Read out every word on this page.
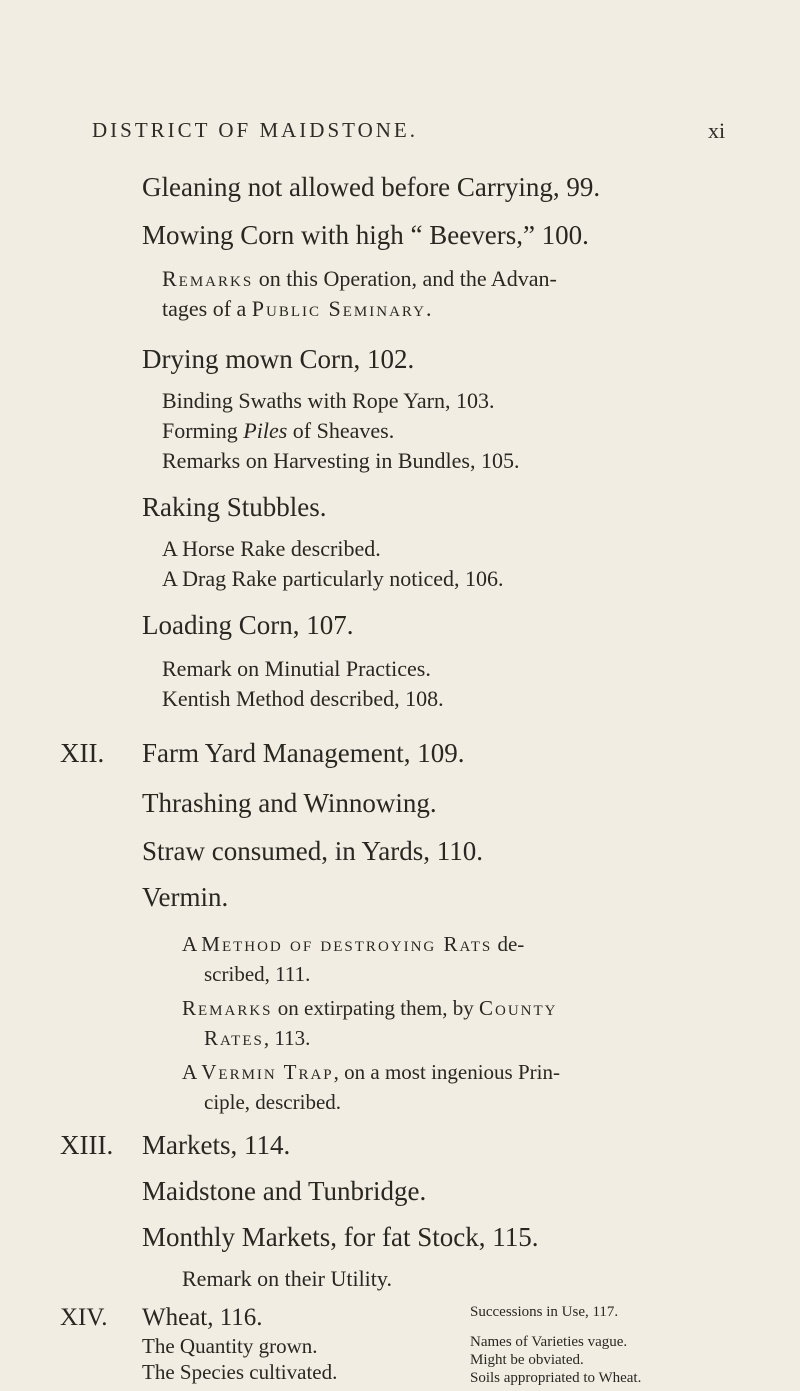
DISTRICT OF MAIDSTONE.	xi
Gleaning not allowed before Carrying, 99.
Mowing Corn with high “ Beevers,” 100.
Remarks on this Operation, and the Advan-
tages of a Public Seminary.
Drying mown Corn, 102.
Binding Swaths with Rope Yarn, 103.
Forming Piles of Sheaves.
Remarks on Harvesting in Bundles, 105.
Raking Stubbles.
A Horse Rake described.
A Drag Rake particularly noticed, 106.
Loading Corn, 107.
Remark on Minutial Practices.
Kentish Method described, 108.
XII. Farm Yard Management, 109.
Thrashing and Winnowing.
Straw consumed, in Yards, 110.
Vermin.
A Method of destroying Rats de-
scribed, 111.
Remarks on extirpating them, by County
Rates, 113.
A Vermin Trap, on a most ingenious Prin-
ciple, described.
XIII. Markets, 114.
Maidstone and Tunbridge.
Monthly Markets, for fat Stock, 115.
Remark on their Utility.
XIV. Wheat, 116.
The Quantity grown.
The Species cultivated.
Names of Varieties vague.
Might be obviated.
Successions in Use, 117.
Soils appropriated to Wheat.
